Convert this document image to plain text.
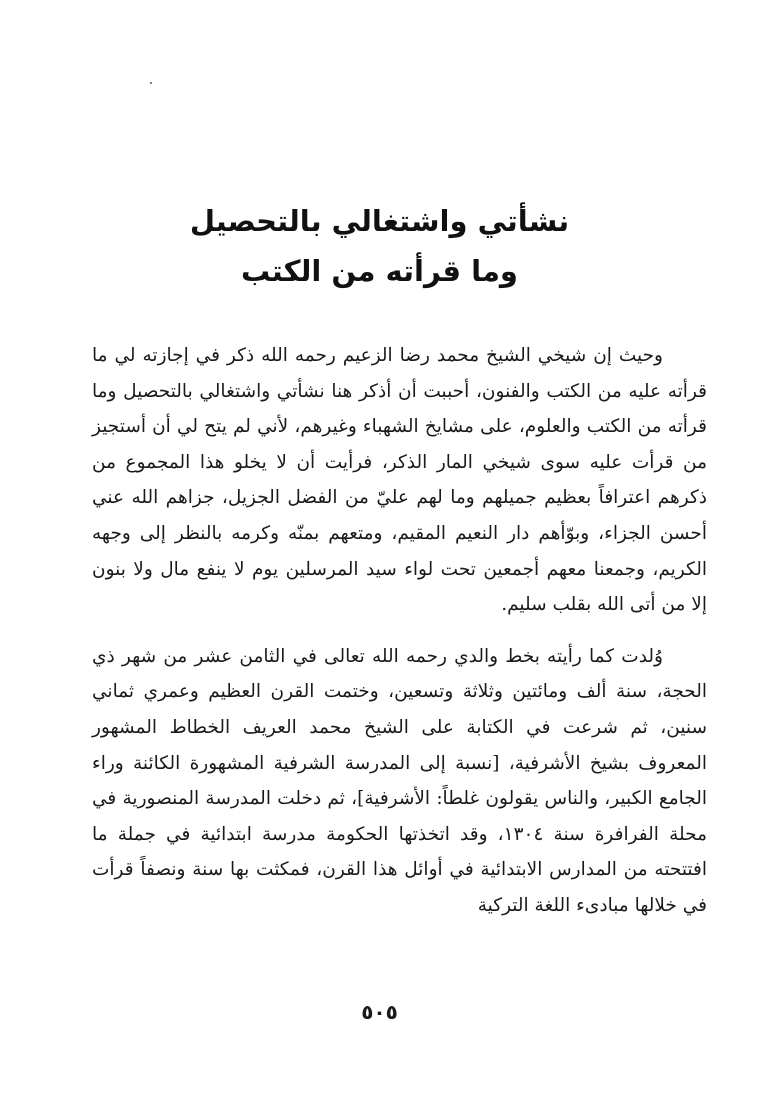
نشأتي واشتغالي بالتحصيل
وما قرأته من الكتب

وحيث إن شيخي الشيخ محمد رضا الزعيم رحمه الله ذكر في إجازته لي ما قرأته عليه من الكتب والفنون، أحببت أن أذكر هنا نشأتي واشتغالي بالتحصيل وما قرأته من الكتب والعلوم، على مشايخ الشهباء وغيرهم، لأني لم يتح لي أن أستجيز من قرأت عليه سوى شيخي المار الذكر، فرأيت أن لا يخلو هذا المجموع من ذكرهم اعترافاً بعظيم جميلهم وما لهم عليّ من الفضل الجزيل، جزاهم الله عني أحسن الجزاء، وبوّأهم دار النعيم المقيم، ومتعهم بمنّه وكرمه بالنظر إلى وجهه الكريم، وجمعنا معهم أجمعين تحت لواء سيد المرسلين يوم لا ينفع مال ولا بنون إلا من أتى الله بقلب سليم.

وُلدت كما رأيته بخط والدي رحمه الله تعالى في الثامن عشر من شهر ذي الحجة، سنة ألف ومائتين وثلاثة وتسعين، وختمت القرن العظيم وعمري ثماني سنين، ثم شرعت في الكتابة على الشيخ محمد العريف الخطاط المشهور المعروف بشيخ الأشرفية، [نسبة إلى المدرسة الشرفية المشهورة الكائنة وراء الجامع الكبير، والناس يقولون غلطاً: الأشرفية]، ثم دخلت المدرسة المنصورية في محلة الفرافرة سنة ١٣٠٤، وقد اتخذتها الحكومة مدرسة ابتدائية في جملة ما افتتحته من المدارس الابتدائية في أوائل هذا القرن، فمكثت بها سنة ونصفاً قرأت في خلالها مبادىء اللغة التركية

٥٠٥
